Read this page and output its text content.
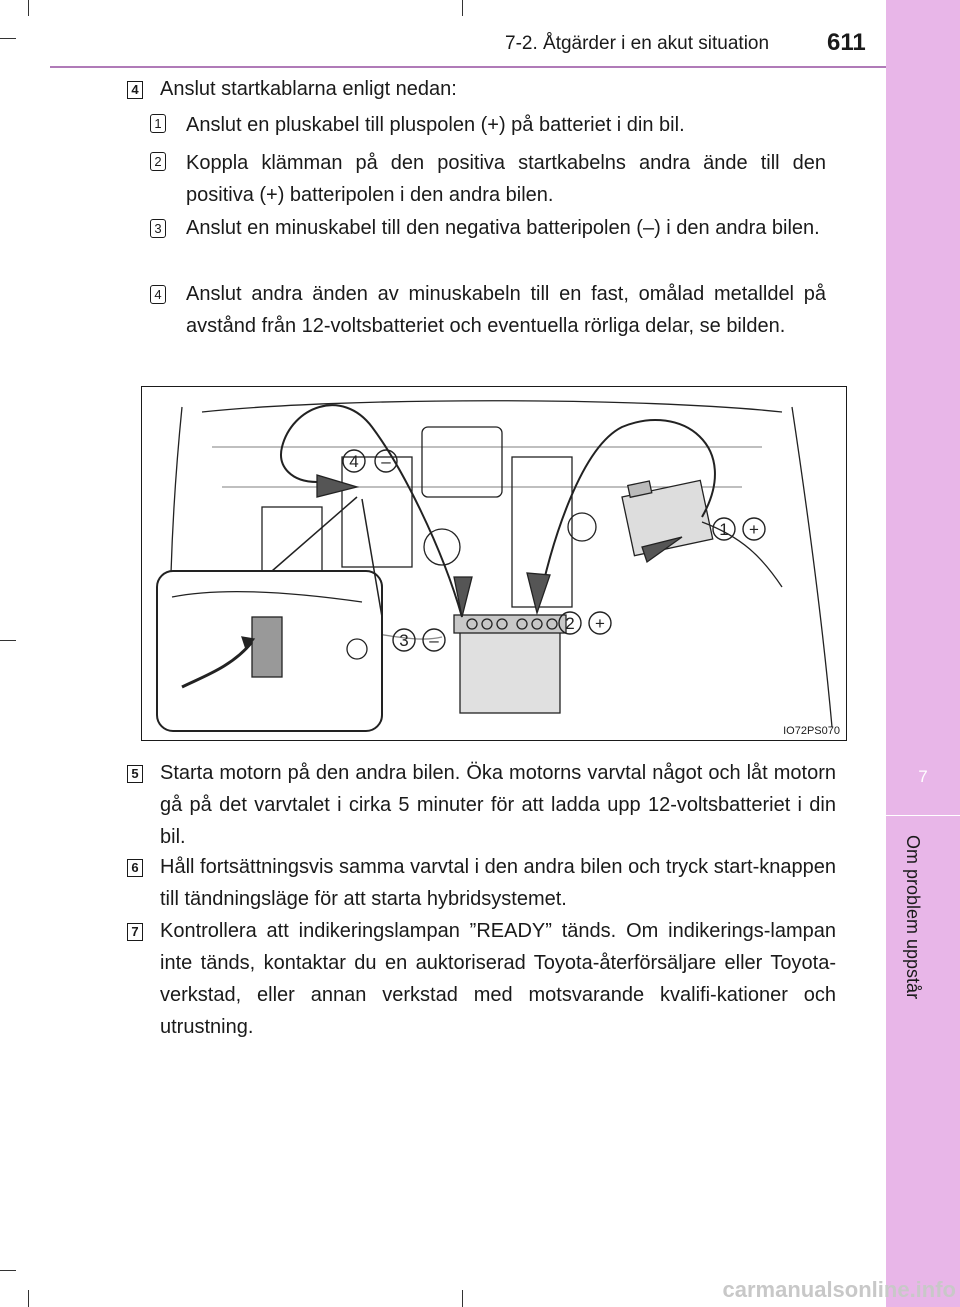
7-2. Åtgärder i en akut situation 611
7
Om problem uppstår
4 Anslut startkablarna enligt nedan:
1 Anslut en pluskabel till pluspolen (+) på batteriet i din bil.
2 Koppla klämman på den positiva startkabelns andra ände till den positiva (+) batteripolen i den andra bilen.
3 Anslut en minuskabel till den negativa batteripolen (–) i den andra bilen.
4 Anslut andra änden av minuskabeln till en fast, omålad metalldel på avstånd från 12-voltsbatteriet och eventuella rörliga delar, se bilden.
4 –
1 +
2 +
3 –
IO72PS070
5 Starta motorn på den andra bilen. Öka motorns varvtal något och låt motorn gå på det varvtalet i cirka 5 minuter för att ladda upp 12-voltsbatteriet i din bil.
6 Håll fortsättningsvis samma varvtal i den andra bilen och tryck start-knappen till tändningsläge för att starta hybridsystemet.
7 Kontrollera att indikeringslampan ”READY” tänds. Om indikerings-lampan inte tänds, kontaktar du en auktoriserad Toyota-återförsäljare eller Toyota-verkstad, eller annan verkstad med motsvarande kvalifi-kationer och utrustning.
carmanualsonline.info
